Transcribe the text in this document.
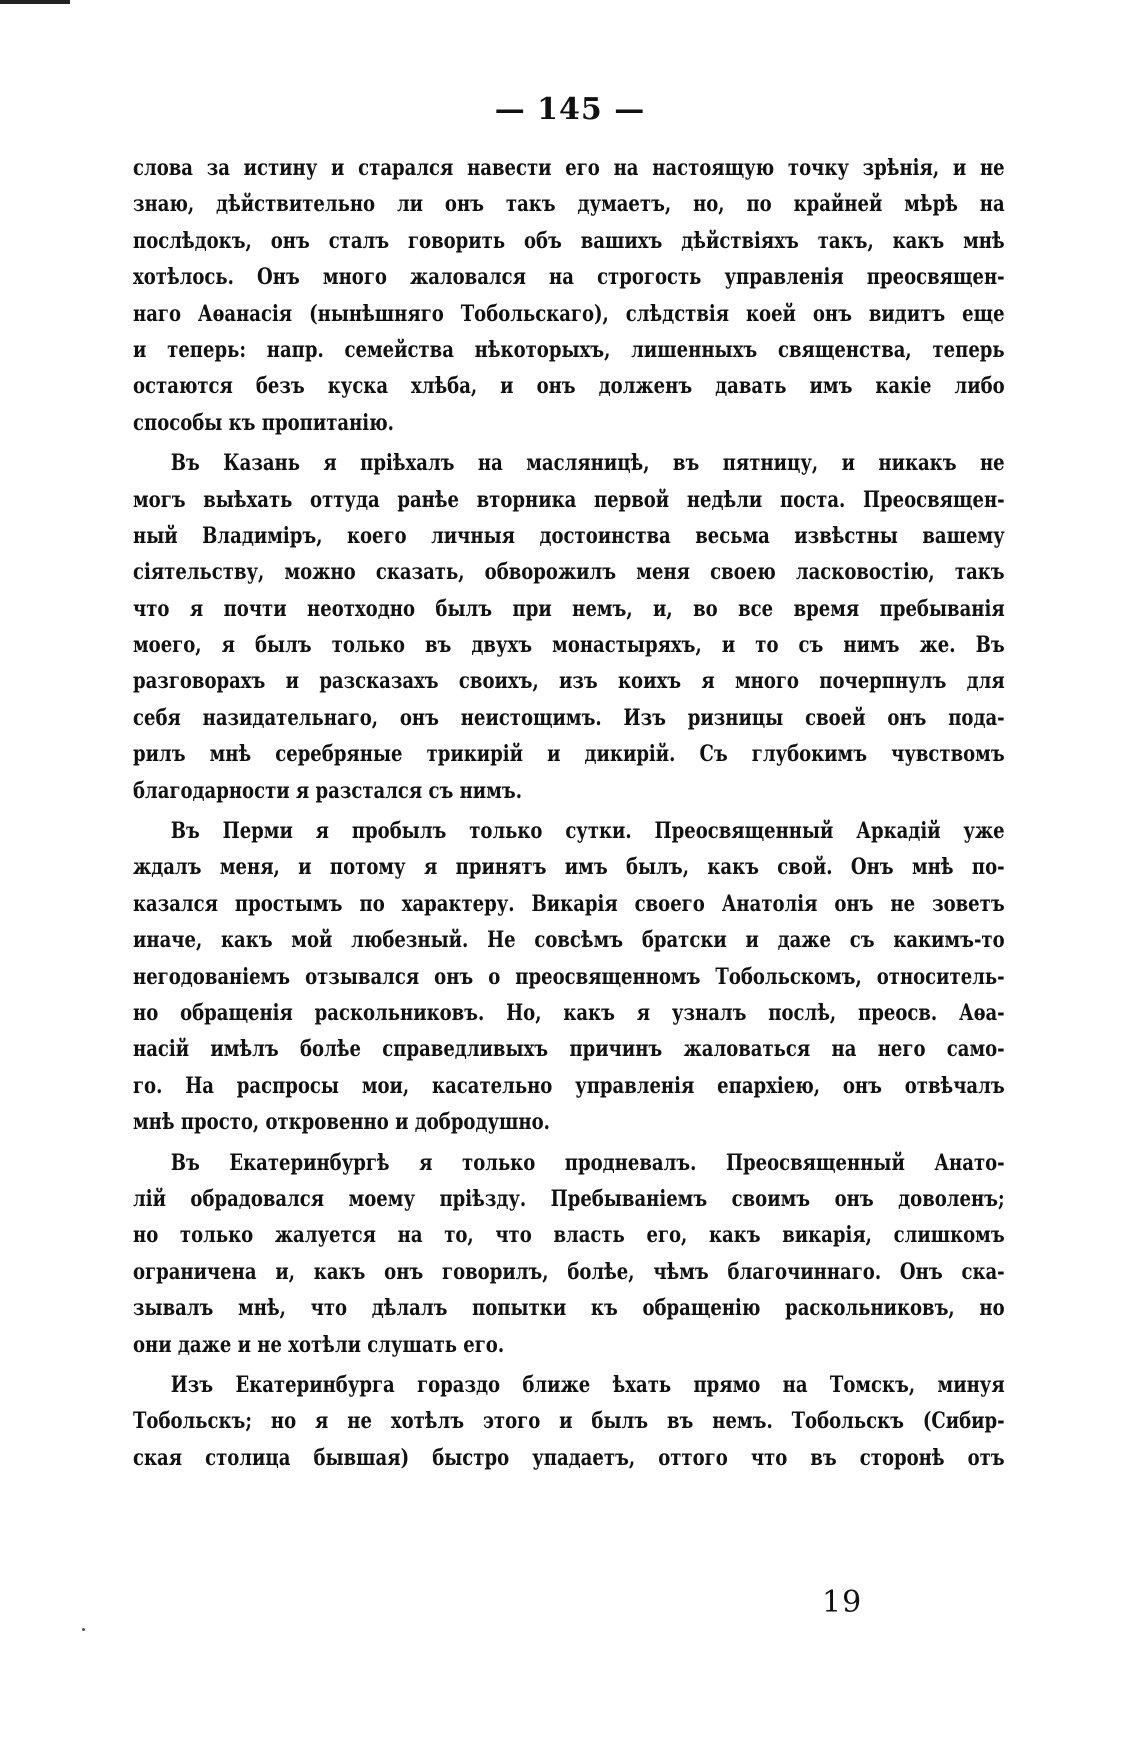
— 145 —
слова за истину и старался навести его на настоящую точку зрѣнія, и не
знаю, дѣйствительно ли онъ такъ думаетъ, но, по крайней мѣрѣ на
послѣдокъ, онъ сталъ говорить объ вашихъ дѣйствіяхъ такъ, какъ мнѣ
хотѣлось. Онъ много жаловался на строгость управленія преосвящен-
наго Аѳанасія (нынѣшняго Тобольскаго), слѣдствія коей онъ видитъ еще
и теперь: напр. семейства нѣкоторыхъ, лишенныхъ священства, теперь
остаются безъ куска хлѣба, и онъ долженъ давать имъ какіе либо
способы къ пропитанію.
Въ Казань я пріѣхалъ на масляницѣ, въ пятницу, и никакъ не
могъ выѣхать оттуда ранѣе вторника первой недѣли поста. Преосвящен-
ный Владиміръ, коего личныя достоинства весьма извѣстны вашему
сіятельству, можно сказать, обворожилъ меня своею ласковостію, такъ
что я почти неотходно былъ при немъ, и, во все время пребыванія
моего, я былъ только въ двухъ монастыряхъ, и то съ нимъ же. Въ
разговорахъ и разсказахъ своихъ, изъ коихъ я много почерпнулъ для
себя назидательнаго, онъ неистощимъ. Изъ ризницы своей онъ пода-
рилъ мнѣ серебряные трикирій и дикирій. Съ глубокимъ чувствомъ
благодарности я разстался съ нимъ.
Въ Перми я пробылъ только сутки. Преосвященный Аркадій уже
ждалъ меня, и потому я принятъ имъ былъ, какъ свой. Онъ мнѣ по-
казался простымъ по характеру. Викарія своего Анатолія онъ не зоветъ
иначе, какъ мой любезный. Не совсѣмъ братски и даже съ какимъ-то
негодованіемъ отзывался онъ о преосвященномъ Тобольскомъ, относитель-
но обращенія раскольниковъ. Но, какъ я узналъ послѣ, преосв. Аѳа-
насій имѣлъ болѣе справедливыхъ причинъ жаловаться на него само-
го. На распросы мои, касательно управленія епархіею, онъ отвѣчалъ
мнѣ просто, откровенно и добродушно.
Въ Екатеринбургѣ я только продневалъ. Преосвященный Анато-
лій обрадовался моему пріѣзду. Пребываніемъ своимъ онъ доволенъ;
но только жалуется на то, что власть его, какъ викарія, слишкомъ
ограничена и, какъ онъ говорилъ, болѣе, чѣмъ благочиннаго. Онъ ска-
зывалъ мнѣ, что дѣлалъ попытки къ обращенію раскольниковъ, но
они даже и не хотѣли слушать его.
Изъ Екатеринбурга гораздо ближе ѣхать прямо на Томскъ, минуя
Тобольскъ; но я не хотѣлъ этого и былъ въ немъ. Тобольскъ (Сибир-
ская столица бывшая) быстро упадаетъ, оттого что въ сторонѣ отъ
19
